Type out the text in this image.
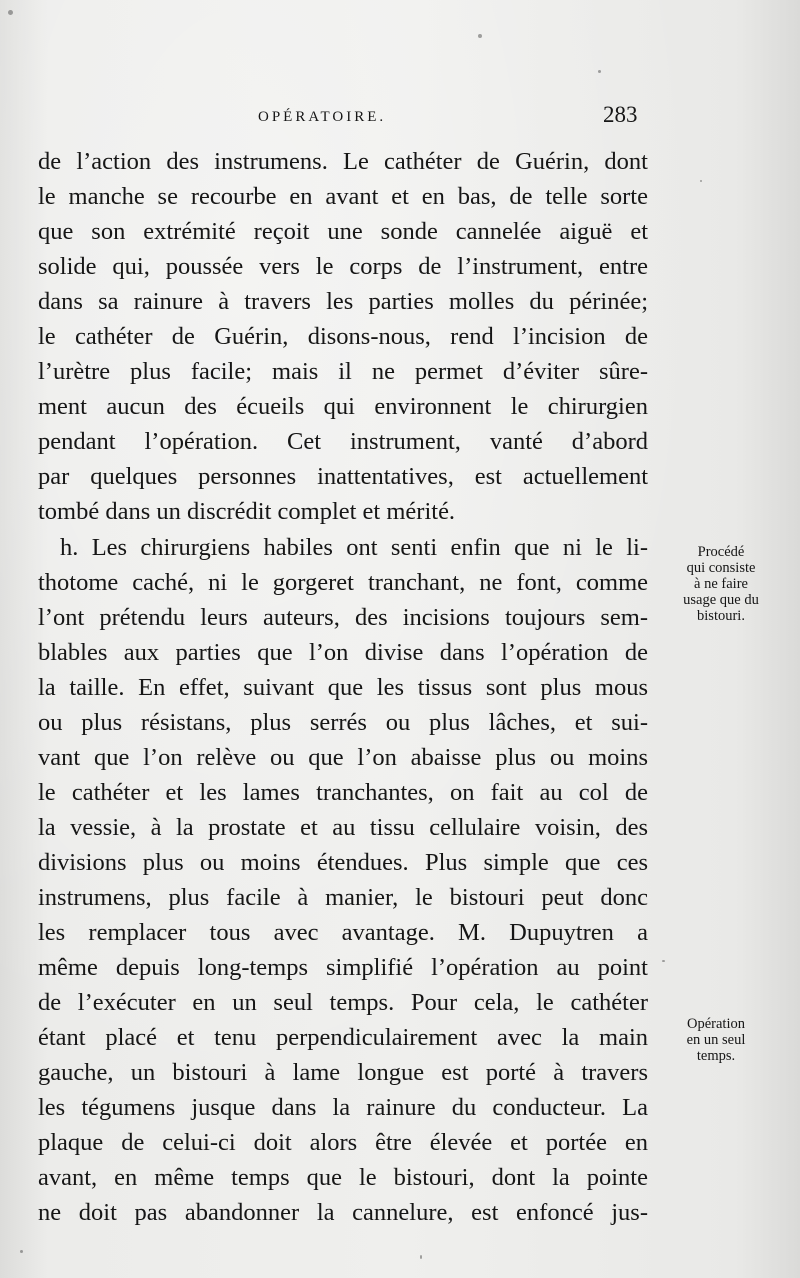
OPÉRATOIRE.	283
de l’action des instrumens. Le cathéter de Guérin, dont
le manche se recourbe en avant et en bas, de telle sorte
que son extrémité reçoit une sonde cannelée aiguë et
solide qui, poussée vers le corps de l’instrument, entre
dans sa rainure à travers les parties molles du périnée;
le cathéter de Guérin, disons-nous, rend l’incision de
l’urètre plus facile; mais il ne permet d’éviter sûre-
ment aucun des écueils qui environnent le chirurgien
pendant l’opération. Cet instrument, vanté d’abord
par quelques personnes inattentatives, est actuellement
tombé dans un discrédit complet et mérité.
h. Les chirurgiens habiles ont senti enfin que ni le li-
thotome caché, ni le gorgeret tranchant, ne font, comme
l’ont prétendu leurs auteurs, des incisions toujours sem-
blables aux parties que l’on divise dans l’opération de
la taille. En effet, suivant que les tissus sont plus mous
ou plus résistans, plus serrés ou plus lâches, et sui-
vant que l’on relève ou que l’on abaisse plus ou moins
le cathéter et les lames tranchantes, on fait au col de
la vessie, à la prostate et au tissu cellulaire voisin, des
divisions plus ou moins étendues. Plus simple que ces
instrumens, plus facile à manier, le bistouri peut donc
les remplacer tous avec avantage. M. Dupuytren a
même depuis long-temps simplifié l’opération au point
de l’exécuter en un seul temps. Pour cela, le cathéter
étant placé et tenu perpendiculairement avec la main
gauche, un bistouri à lame longue est porté à travers
les tégumens jusque dans la rainure du conducteur. La
plaque de celui-ci doit alors être élevée et portée en
avant, en même temps que le bistouri, dont la pointe
ne doit pas abandonner la cannelure, est enfoncé jus-
Procédé
qui consiste
à ne faire
usage que du
bistouri.
Opération
en un seul
temps.
